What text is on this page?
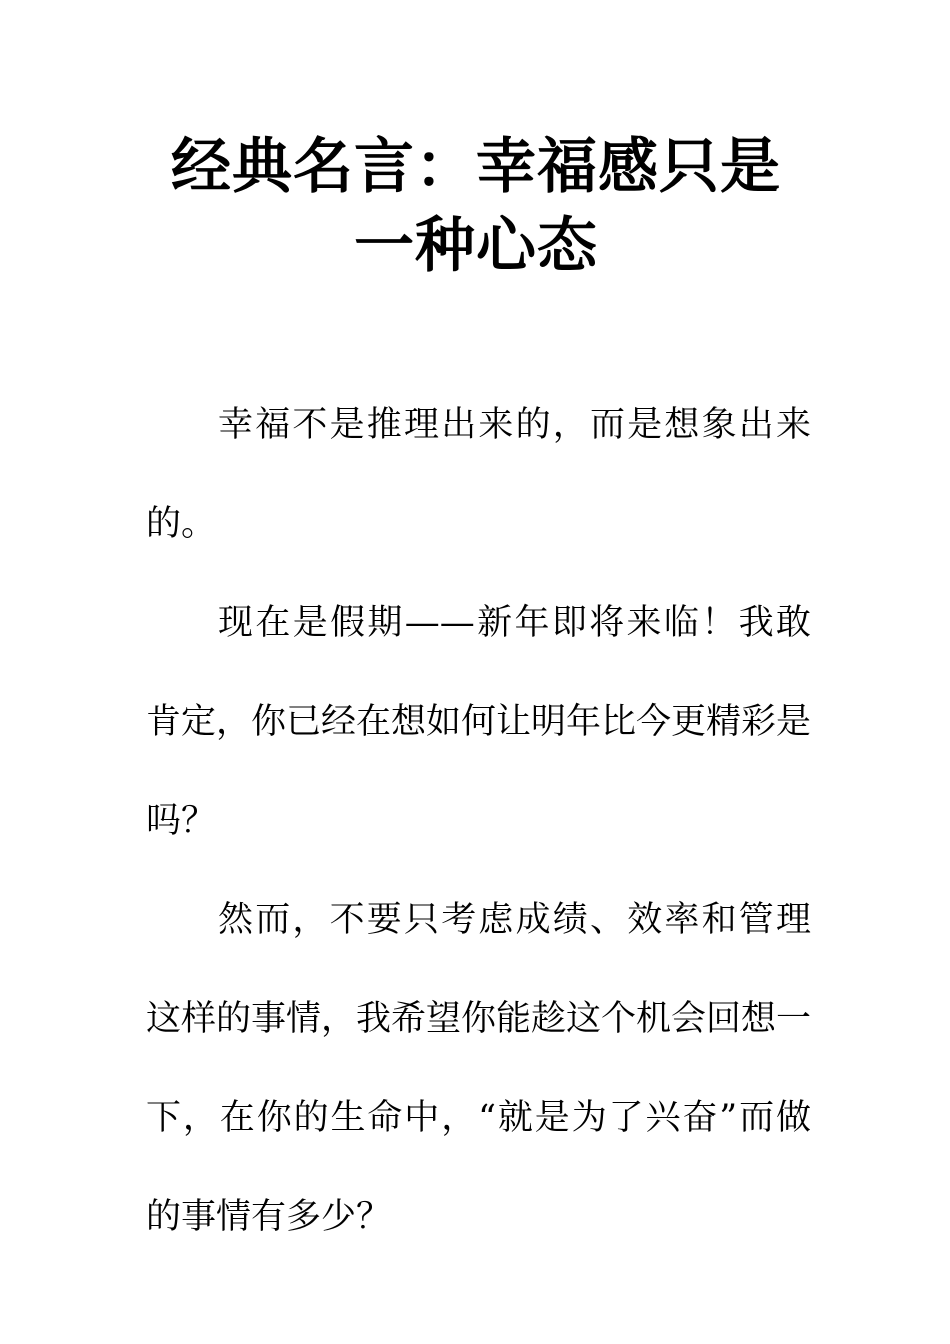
经典名言：幸福感只是一种心态

幸福不是推理出来的，而是想象出来的。

现在是假期——新年即将来临！我敢肯定，你已经在想如何让明年比今更精彩是吗？

然而，不要只考虑成绩、效率和管理这样的事情，我希望你能趁这个机会回想一下，在你的生命中，“就是为了兴奋”而做的事情有多少？
